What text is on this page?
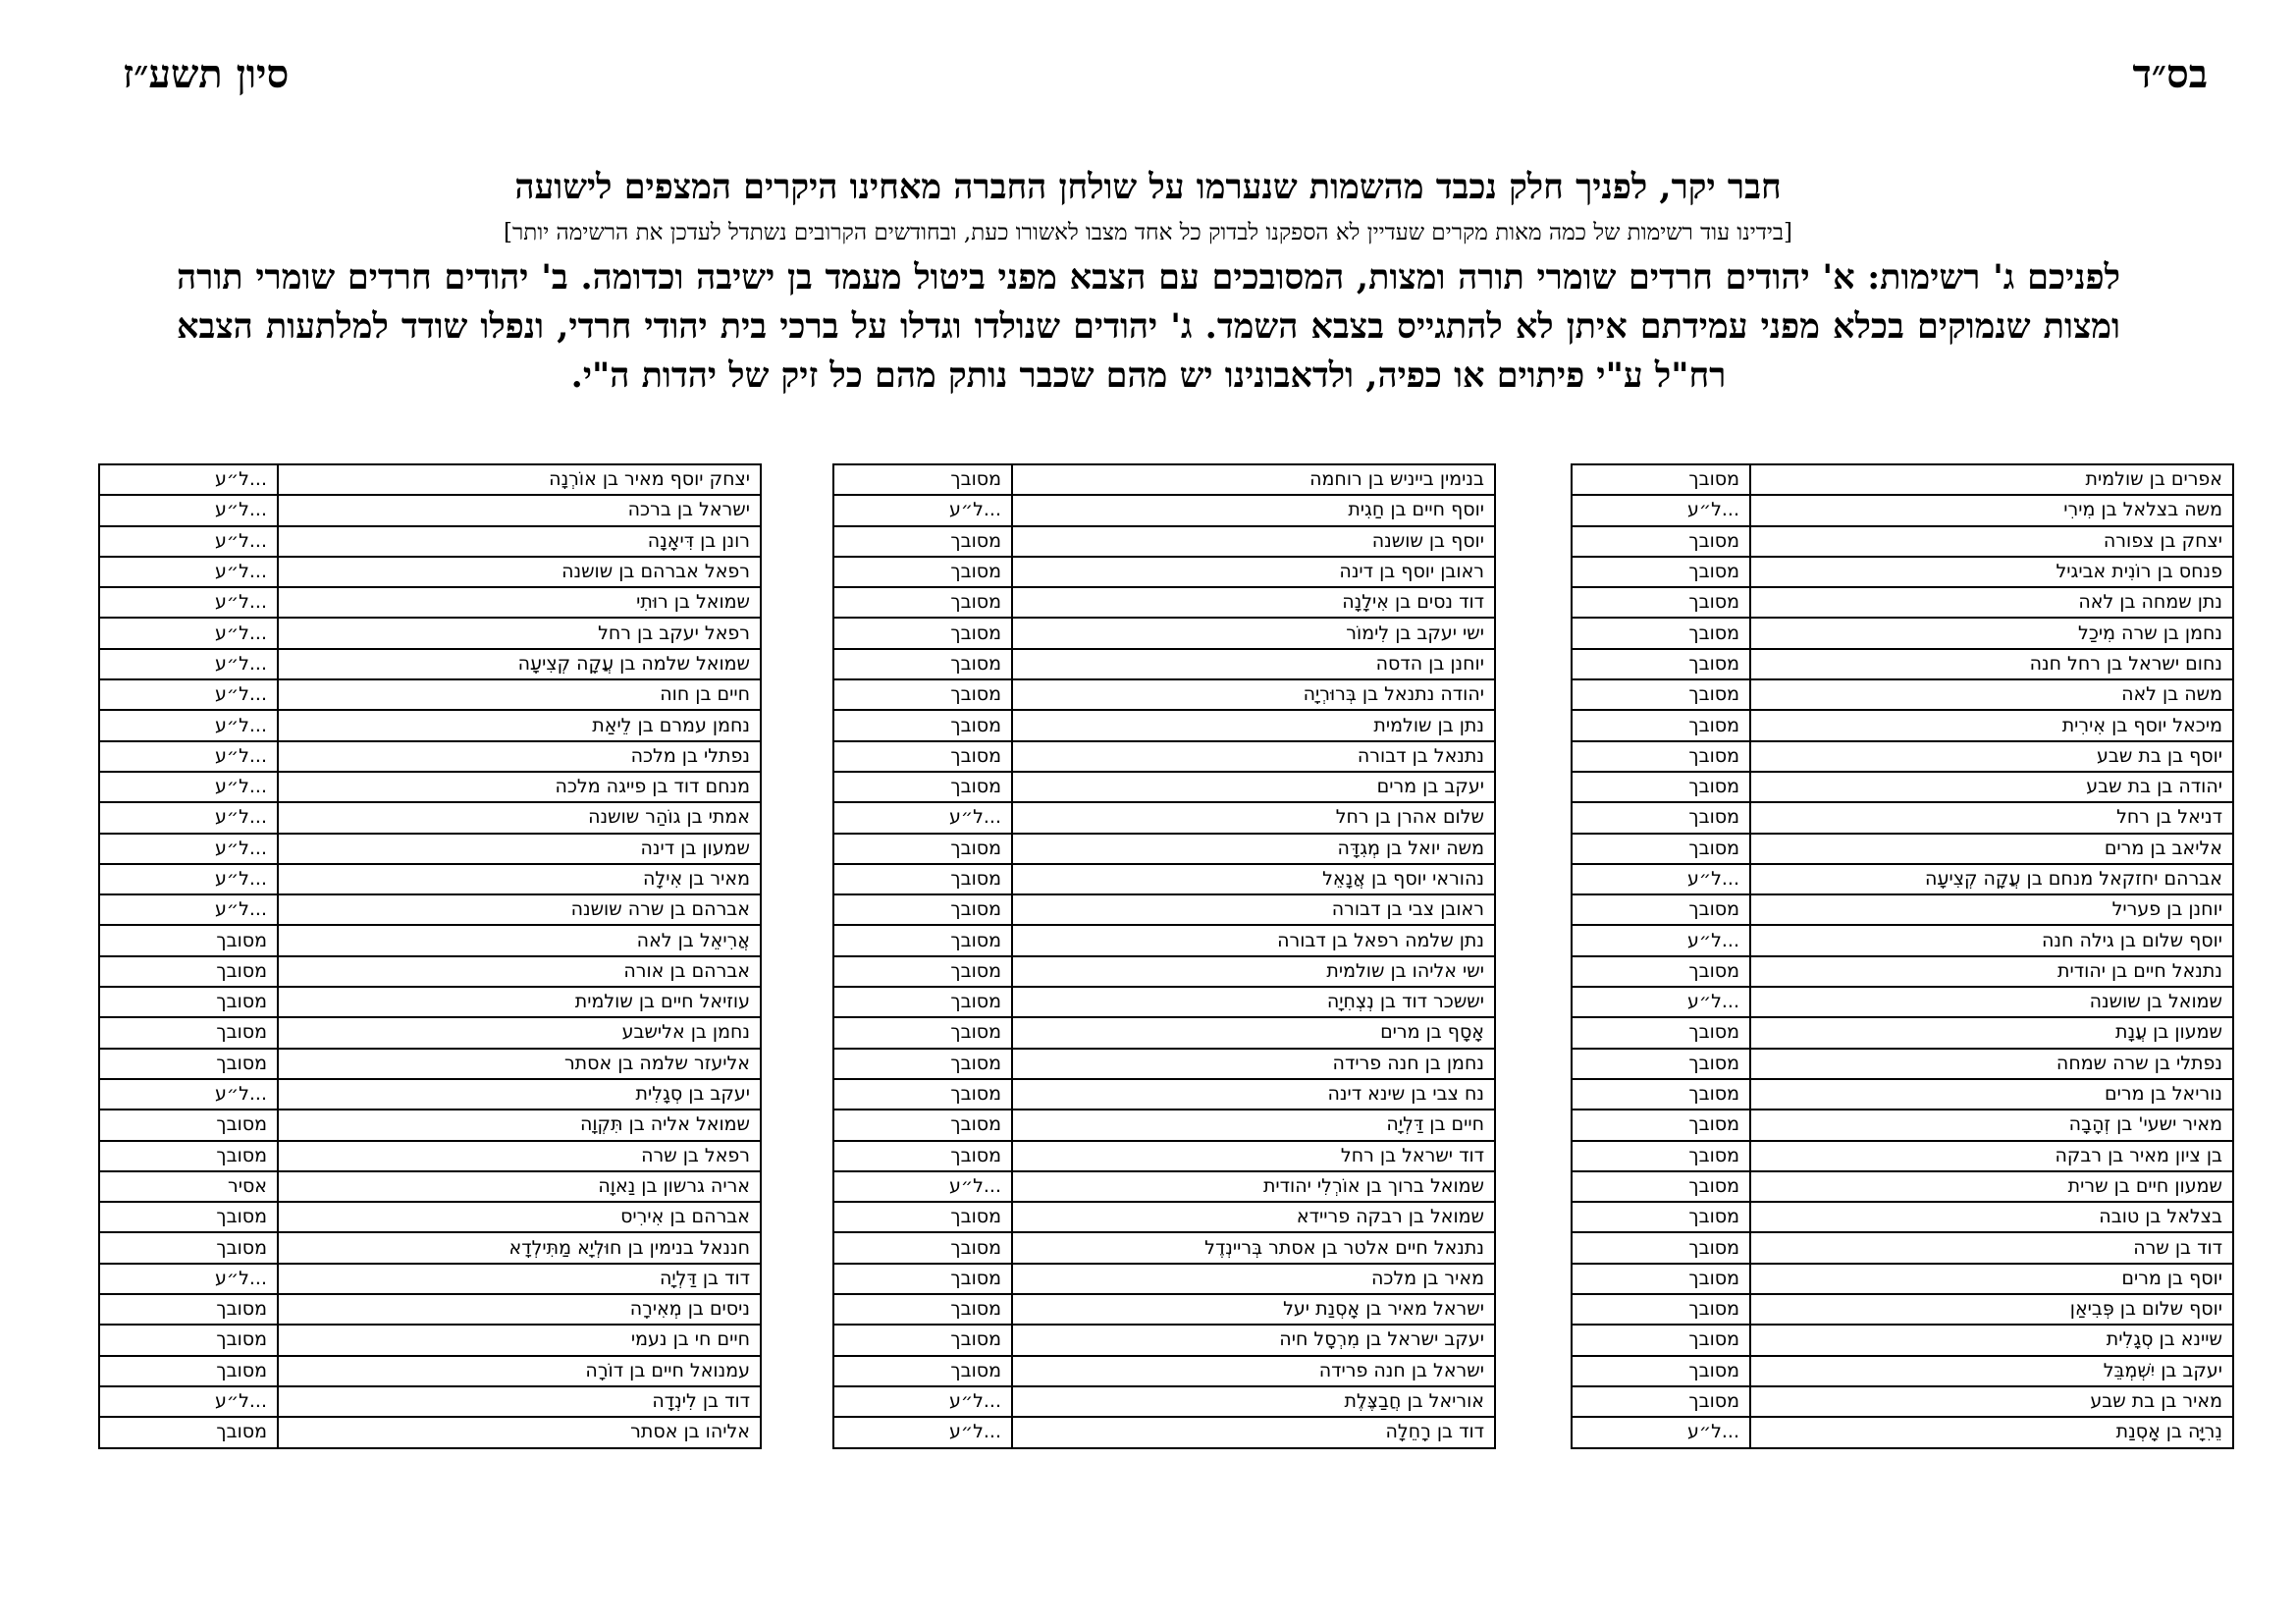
בס״ד
סיון תשע״ז
חבר יקר, לפניך חלק נכבד מהשמות שנערמו על שולחן החברה מאחינו היקרים המצפים לישועה
[בידינו עוד רשימות של כמה מאות מקרים שעדיין לא הספקנו לבדוק כל אחד מצבו לאשורו כעת, ובחודשים הקרובים נשתדל לעדכן את הרשימה יותר]
לפניכם ג' רשימות: א' יהודים חרדים שומרי תורה ומצות, המסובכים עם הצבא מפני ביטול מעמד בן ישיבה וכדומה. ב' יהודים חרדים שומרי תורה ומצות שנמוקים בכלא מפני עמידתם איתן לא להתגייס בצבא השמד. ג' יהודים שנולדו וגדלו על ברכי בית יהודי חרדי, ונפלו שודד למלתעות הצבא רח"ל ע"י פיתוים או כפיה, ולדאבונינו יש מהם שכבר נותק מהם כל זיק של יהדות ה"י.
אפרים בן שולמית	מסובך
משה בצלאל בן מִירִי	...ל״ע
יצחק בן צפורה	מסובך
פנחס בן רוֹנִית אביגיל	מסובך
נתן שמחה בן לאה	מסובך
נחמן בן שרה מִיכַל	מסובך
נחום ישראל בן רחל חנה	מסובך
משה בן לאה	מסובך
מיכאל יוסף בן אִירִית	מסובך
יוסף בן בת שבע	מסובך
יהודה בן בת שבע	מסובך
דניאל בן רחל	מסובך
אליאב בן מרים	מסובך
אברהם יחזקאל מנחם בן עֲקָה קְצִיעָה	...ל״ע
יוחנן בן פעריל	מסובך
יוסף שלום בן גילה חנה	...ל״ע
נתנאל חיים בן יהודית	מסובך
שמואל בן שושנה	...ל״ע
שמעון בן עֲנָת	מסובך
נפתלי בן שרה שמחה	מסובך
נוריאל בן מרים	מסובך
מאיר ישעי' בן זְהָבָה	מסובך
בן ציון מאיר בן רבקה	מסובך
שמעון חיים בן שרית	מסובך
בצלאל בן טובה	מסובך
דוד בן שרה	מסובך
יוסף בן מרים	מסובך
יוסף שלום בן פְּבִיאַן	מסובך
שיינא בן סְגָלִית	מסובך
יעקב בן יִשְׁמְבֵּל	מסובך
מאיר בן בת שבע	מסובך
נֵרִיָּה בן אָסְנַת	...ל״ע
בנימין בייניש בן רוחמה	מסובך
יוסף חיים בן חַגִית	...ל״ע
יוסף בן שושנה	מסובך
ראובן יוסף בן דינה	מסובך
דוד נסים בן אִילָנָה	מסובך
ישי יעקב בן לִימוֹר	מסובך
יוחנן בן הדסה	מסובך
יהודה נתנאל בן בְּרוּרְיָה	מסובך
נתן בן שולמית	מסובך
נתנאל בן דבורה	מסובך
יעקב בן מרים	מסובך
שלום אהרן בן רחל	...ל״ע
משה יואל בן מְגִדָּה	מסובך
נהוראי יוסף בן אֲנָאֵל	מסובך
ראובן צבי בן דבורה	מסובך
נתן שלמה רפאל בן דבורה	מסובך
ישי אליהו בן שולמית	מסובך
יששכר דוד בן נְצְחִיָה	מסובך
אָסָף בן מרים	מסובך
נחמן בן חנה פרידה	מסובך
נח צבי בן שינא דינה	מסובך
חיים בן דַּלְיָה	מסובך
דוד ישראל בן רחל	מסובך
שמואל ברוך בן אוֹרְלִי יהודית	...ל״ע
שמואל בן רבקה פריידא	מסובך
נתנאל חיים אלטר בן אסתר בְּריינְדֶל	מסובך
מאיר בן מלכה	מסובך
ישראל מאיר בן אָסְנַת יעל	מסובך
יעקב ישראל בן מִרְסָל חיה	מסובך
ישראל בן חנה פרידה	מסובך
אוריאל בן חֲבַצֶּלֶת	...ל״ע
דוד בן רָחֵלָה	...ל״ע
יצחק יוסף מאיר בן אוֹרְנָה	...ל״ע
ישראל בן ברכה	...ל״ע
רונן בן דִּיאָנָה	...ל״ע
רפאל אברהם בן שושנה	...ל״ע
שמואל בן רוּתִי	...ל״ע
רפאל יעקב בן רחל	...ל״ע
שמואל שלמה בן עֲקָה קְצִיעָה	...ל״ע
חיים בן חוה	...ל״ע
נחמן עמרם בן לֵיאַת	...ל״ע
נפתלי בן מלכה	...ל״ע
מנחם דוד בן פייגה מלכה	...ל״ע
אמתי בן גוֹהַר שושנה	...ל״ע
שמעון בן דינה	...ל״ע
מאיר בן אִילָה	...ל״ע
אברהם בן שרה שושנה	...ל״ע
אֲרִיאֵל בן לאה	מסובך
אברהם בן אורה	מסובך
עוזיאל חיים בן שולמית	מסובך
נחמן בן אלישבע	מסובך
אליעזר שלמה בן אסתר	מסובך
יעקב בן סְגָלִית	...ל״ע
שמואל אליה בן תִּקְוָה	מסובך
רפאל בן שרה	מסובך
אריה גרשון בן נַאוָה	אסיר
אברהם בן אִירִיס	מסובך
חננאל בנימין בן חוּלְיָא מַתִּילְדָא	מסובך
דוד בן דַּלְיָה	...ל״ע
ניסים בן מְאִירָה	מסובך
חיים חי בן נעמי	מסובך
עמנואל חיים בן דוֹרָה	מסובך
דוד בן לִינְדָה	...ל״ע
אליהו בן אסתר	מסובך
